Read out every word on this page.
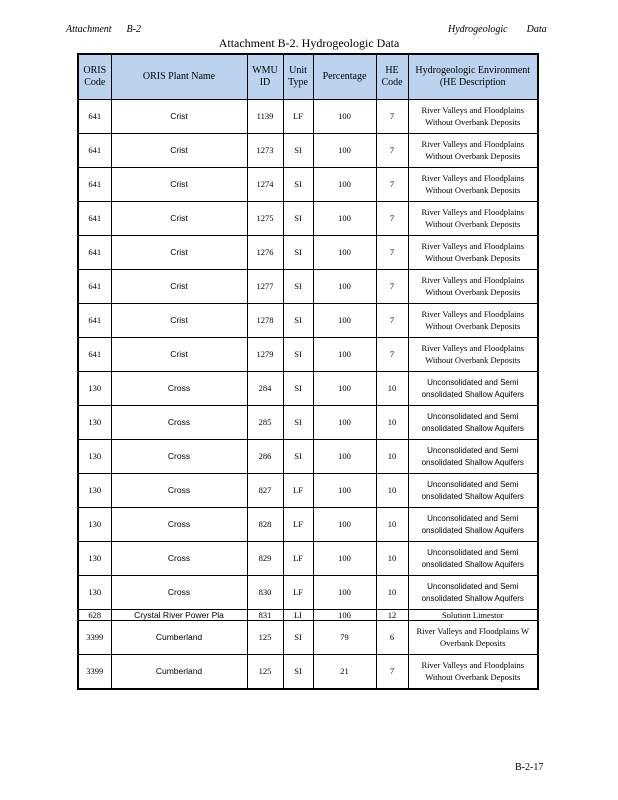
Attachment B-2	Hydrogeologic Data
Attachment B-2. Hydrogeologic Data
ORIS Code	ORIS Plant Name	WMU ID	Unit Type	Percentage	HE Code	Hydrogeologic Environment (HE Description
641	Crist	1139	LF	100	7	River Valleys and Floodplains Without Overbank Deposits
641	Crist	1273	SI	100	7	River Valleys and Floodplains Without Overbank Deposits
641	Crist	1274	SI	100	7	River Valleys and Floodplains Without Overbank Deposits
641	Crist	1275	SI	100	7	River Valleys and Floodplains Without Overbank Deposits
641	Crist	1276	SI	100	7	River Valleys and Floodplains Without Overbank Deposits
641	Crist	1277	SI	100	7	River Valleys and Floodplains Without Overbank Deposits
641	Crist	1278	SI	100	7	River Valleys and Floodplains Without Overbank Deposits
641	Crist	1279	SI	100	7	River Valleys and Floodplains Without Overbank Deposits
130	Cross	284	SI	100	10	Unconsolidated and Semi onsolidated Shallow Aquifers
130	Cross	285	SI	100	10	Unconsolidated and Semi onsolidated Shallow Aquifers
130	Cross	286	SI	100	10	Unconsolidated and Semi onsolidated Shallow Aquifers
130	Cross	827	LF	100	10	Unconsolidated and Semi onsolidated Shallow Aquifers
130	Cross	828	LF	100	10	Unconsolidated and Semi onsolidated Shallow Aquifers
130	Cross	829	LF	100	10	Unconsolidated and Semi onsolidated Shallow Aquifers
130	Cross	830	LF	100	10	Unconsolidated and Semi onsolidated Shallow Aquifers
628	Crystal River Power Pla	831	LI	100	12	Solution Limestor
3399	Cumberland	125	SI	79	6	River Valleys and Floodplains W Overbank Deposits
3399	Cumberland	125	SI	21	7	River Valleys and Floodplains Without Overbank Deposits
B-2-17
